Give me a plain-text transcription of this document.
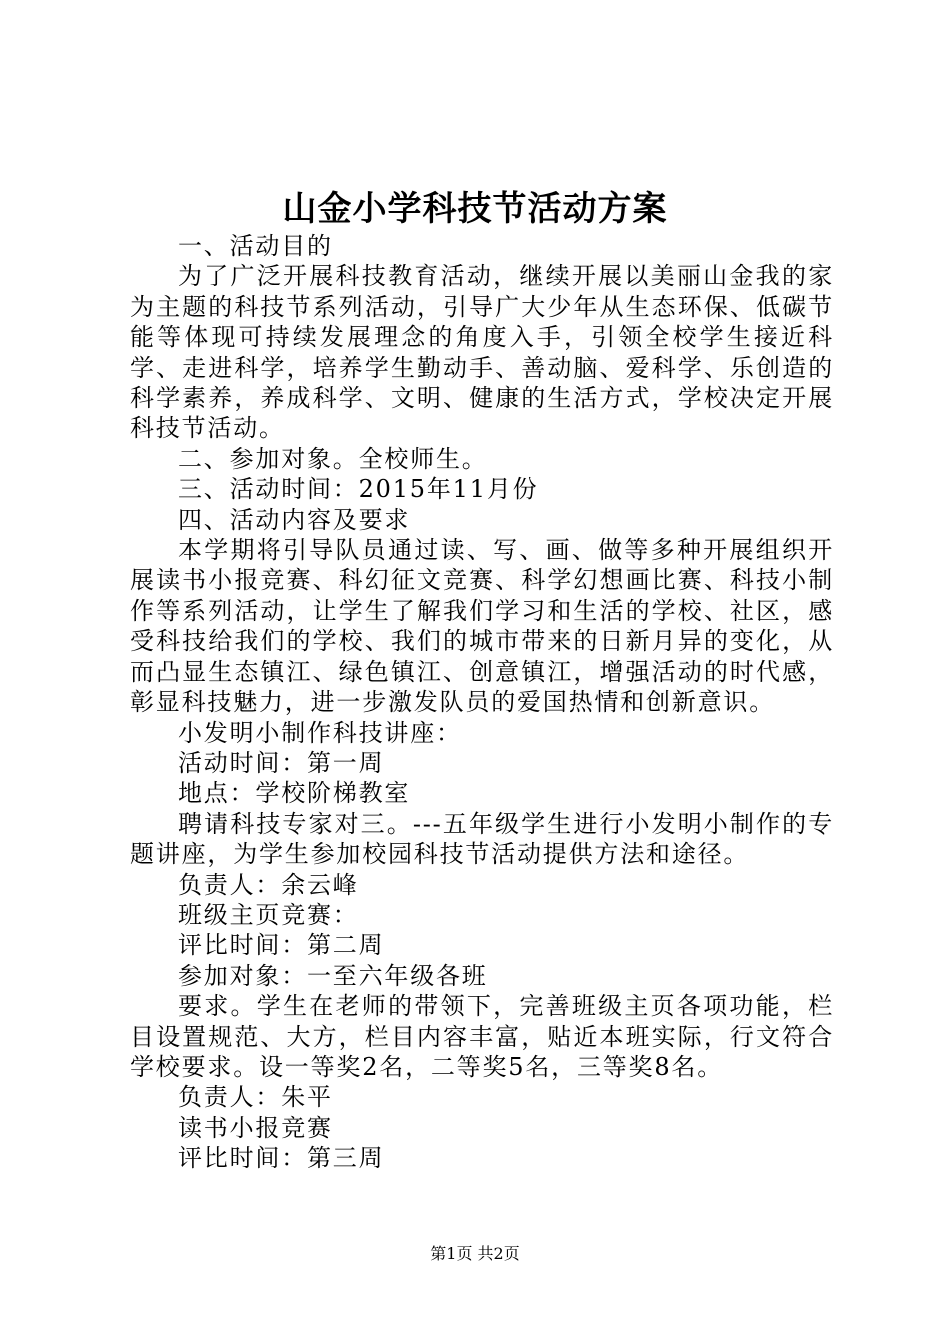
山金小学科技节活动方案

一、活动目的

为了广泛开展科技教育活动，继续开展以美丽山金我的家为主题的科技节系列活动，引导广大少年从生态环保、低碳节能等体现可持续发展理念的角度入手，引领全校学生接近科学、走进科学，培养学生勤动手、善动脑、爱科学、乐创造的科学素养，养成科学、文明、健康的生活方式，学校决定开展科技节活动。

二、参加对象。全校师生。

三、活动时间：2015年11月份

四、活动内容及要求

本学期将引导队员通过读、写、画、做等多种开展组织开展读书小报竞赛、科幻征文竞赛、科学幻想画比赛、科技小制作等系列活动，让学生了解我们学习和生活的学校、社区，感受科技给我们的学校、我们的城市带来的日新月异的变化，从而凸显生态镇江、绿色镇江、创意镇江，增强活动的时代感，彰显科技魅力，进一步激发队员的爱国热情和创新意识。

小发明小制作科技讲座：

活动时间：第一周

地点：学校阶梯教室

聘请科技专家对三。---五年级学生进行小发明小制作的专题讲座，为学生参加校园科技节活动提供方法和途径。

负责人：余云峰

班级主页竞赛：

评比时间：第二周

参加对象：一至六年级各班

要求。学生在老师的带领下，完善班级主页各项功能，栏目设置规范、大方，栏目内容丰富，贴近本班实际，行文符合学校要求。设一等奖2名，二等奖5名，三等奖8名。

负责人：朱平

读书小报竞赛

评比时间：第三周

第1页 共2页
